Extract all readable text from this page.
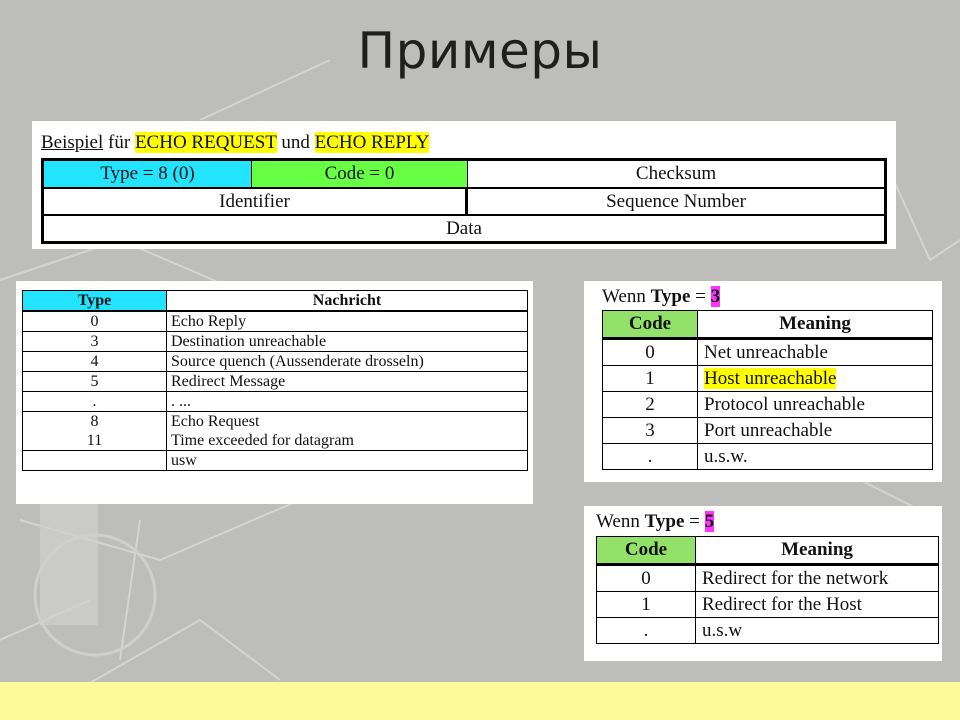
Примеры
Beispiel für ECHO REQUEST und ECHO REPLY
Type = 8 (0)	Code = 0	Checksum
Identifier	Sequence Number
Data
Type	Nachricht
0	Echo Reply
3	Destination unreachable
4	Source quench (Aussenderate drosseln)
5	Redirect Message
.	. ...
8	Echo Request
11	Time exceeded for datagram
	usw
Wenn Type = 3
Code	Meaning
0	Net unreachable
1	Host unreachable
2	Protocol unreachable
3	Port unreachable
.	u.s.w.
Wenn Type = 5
Code	Meaning
0	Redirect for the network
1	Redirect for the Host
.	u.s.w
